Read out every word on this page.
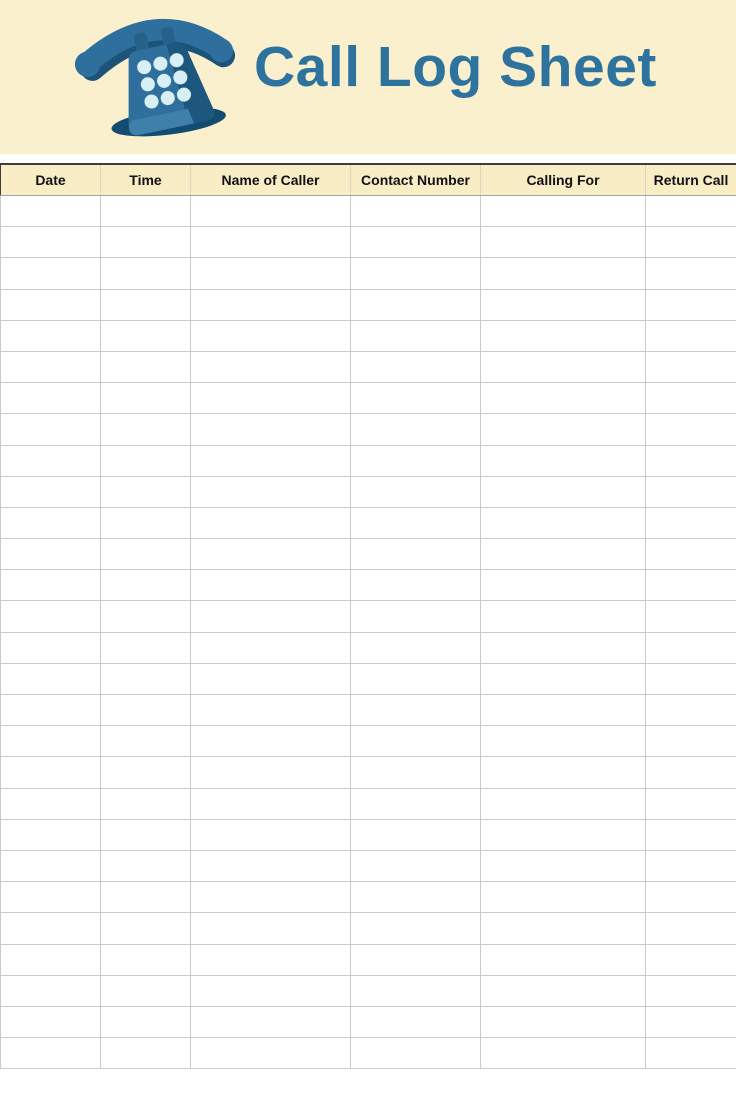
Call Log Sheet
Date	Time	Name of Caller	Contact Number	Calling For	Return Call
